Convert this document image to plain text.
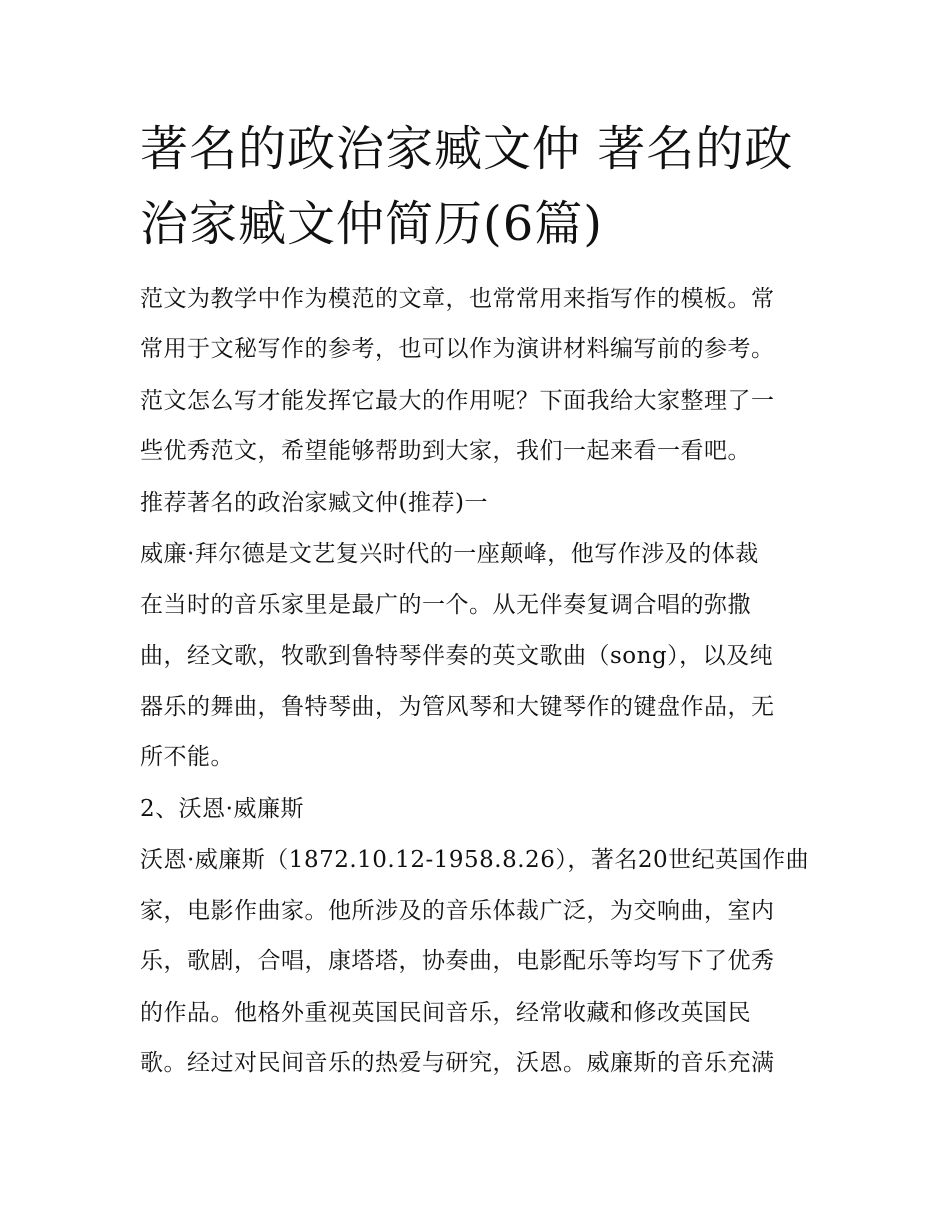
著名的政治家臧文仲 著名的政
治家臧文仲简历(6篇)

范文为教学中作为模范的文章，也常常用来指写作的模板。常

常用于文秘写作的参考，也可以作为演讲材料编写前的参考。

范文怎么写才能发挥它最大的作用呢？下面我给大家整理了一

些优秀范文，希望能够帮助到大家，我们一起来看一看吧。

推荐著名的政治家臧文仲(推荐)一

威廉·拜尔德是文艺复兴时代的一座颠峰，他写作涉及的体裁

在当时的音乐家里是最广的一个。从无伴奏复调合唱的弥撒

曲，经文歌，牧歌到鲁特琴伴奏的英文歌曲（song），以及纯

器乐的舞曲，鲁特琴曲，为管风琴和大键琴作的键盘作品，无

所不能。

2、沃恩·威廉斯

沃恩·威廉斯（1872.10.12-1958.8.26），著名20世纪英国作曲

家，电影作曲家。他所涉及的音乐体裁广泛，为交响曲，室内

乐，歌剧，合唱，康塔塔，协奏曲，电影配乐等均写下了优秀

的作品。他格外重视英国民间音乐，经常收藏和修改英国民

歌。经过对民间音乐的热爱与研究，沃恩。威廉斯的音乐充满
